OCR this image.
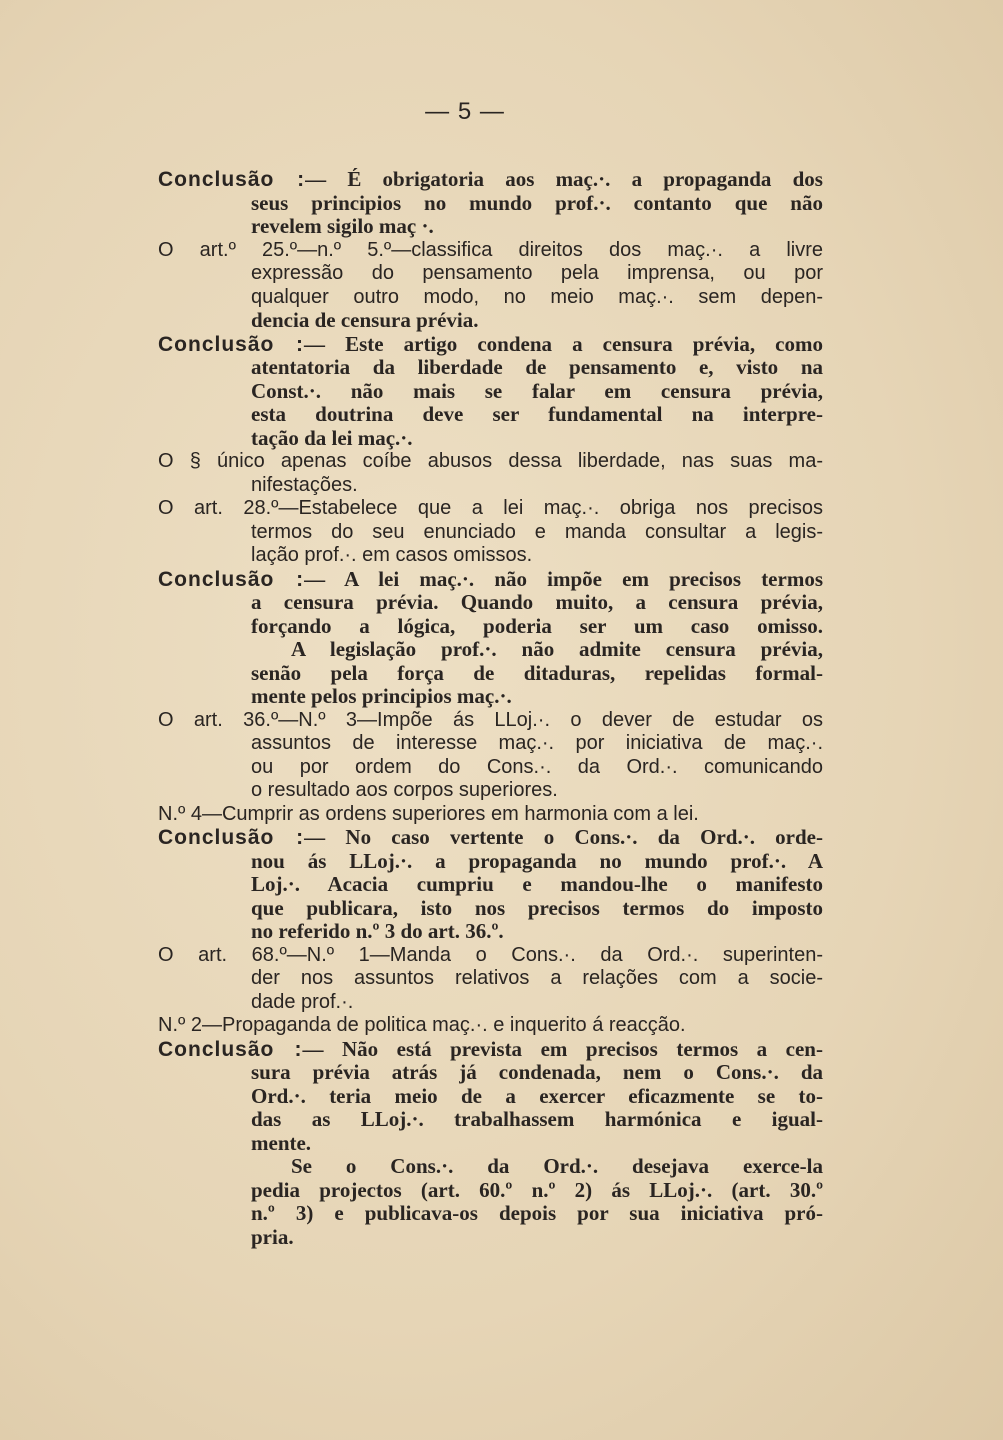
— 5 —
Conclusão :— É obrigatoria aos maç.·. a propaganda dos
seus principios no mundo prof.·. contanto que não
revelem sigilo maç ·.
O art.º 25.º—n.º 5.º—classifica direitos dos maç.·. a livre
expressão do pensamento pela imprensa, ou por
qualquer outro modo, no meio maç.·. sem depen-
dencia de censura prévia.
Conclusão :— Este artigo condena a censura prévia, como
atentatoria da liberdade de pensamento e, visto na
Const.·. não mais se falar em censura prévia,
esta doutrina deve ser fundamental na interpre-
tação da lei maç.·.
O § único apenas coíbe abusos dessa liberdade, nas suas ma-
nifestações.
O art. 28.º—Estabelece que a lei maç.·. obriga nos precisos
termos do seu enunciado e manda consultar a legis-
lação prof.·. em casos omissos.
Conclusão :— A lei maç.·. não impõe em precisos termos
a censura prévia. Quando muito, a censura prévia,
forçando a lógica, poderia ser um caso omisso.
A legislação prof.·. não admite censura prévia,
senão pela força de ditaduras, repelidas formal-
mente pelos principios maç.·.
O art. 36.º—N.º 3—Impõe ás LLoj.·. o dever de estudar os
assuntos de interesse maç.·. por iniciativa de maç.·.
ou por ordem do Cons.·. da Ord.·. comunicando
o resultado aos corpos superiores.
N.º 4—Cumprir as ordens superiores em harmonia com a lei.
Conclusão :— No caso vertente o Cons.·. da Ord.·. orde-
nou ás LLoj.·. a propaganda no mundo prof.·. A
Loj.·. Acacia cumpriu e mandou-lhe o manifesto
que publicara, isto nos precisos termos do imposto
no referido n.º 3 do art. 36.º.
O art. 68.º—N.º 1—Manda o Cons.·. da Ord.·. superinten-
der nos assuntos relativos a relações com a socie-
dade prof.·.
N.º 2—Propaganda de politica maç.·. e inquerito á reacção.
Conclusão :— Não está prevista em precisos termos a cen-
sura prévia atrás já condenada, nem o Cons.·. da
Ord.·. teria meio de a exercer eficazmente se to-
das as LLoj.·. trabalhassem harmónica e igual-
mente.
Se o Cons.·. da Ord.·. desejava exerce-la
pedia projectos (art. 60.º n.º 2) ás LLoj.·. (art. 30.º
n.º 3) e publicava-os depois por sua iniciativa pró-
pria.
